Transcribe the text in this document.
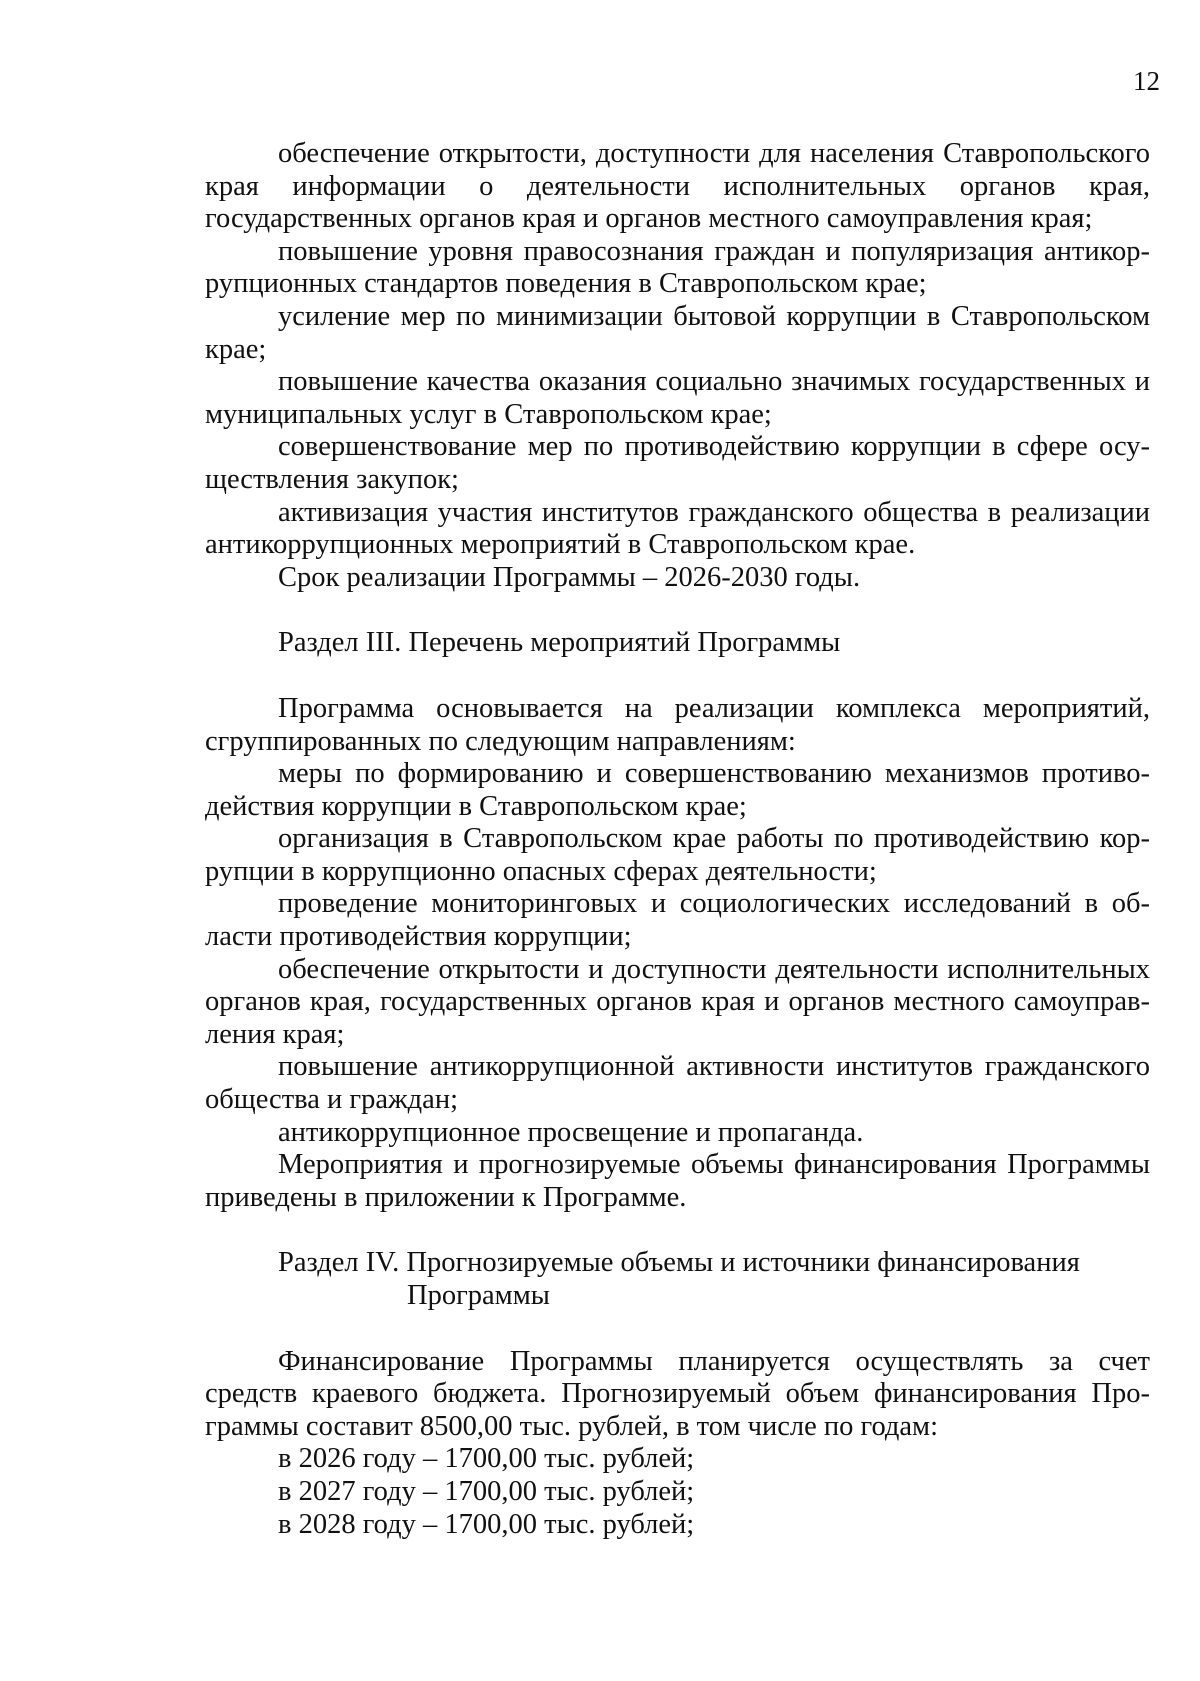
12

обеспечение открытости, доступности для населения Ставропольского края информации о деятельности исполнительных органов края, государственных органов края и органов местного самоуправления края;

повышение уровня правосознания граждан и популяризация антикоррупционных стандартов поведения в Ставропольском крае;

усиление мер по минимизации бытовой коррупции в Ставропольском крае;

повышение качества оказания социально значимых государственных и муниципальных услуг в Ставропольском крае;

совершенствование мер по противодействию коррупции в сфере осуществления закупок;

активизация участия институтов гражданского общества в реализации антикоррупционных мероприятий в Ставропольском крае.

Срок реализации Программы – 2026-2030 годы.

Раздел III. Перечень мероприятий Программы

Программа основывается на реализации комплекса мероприятий, сгруппированных по следующим направлениям:

меры по формированию и совершенствованию механизмов противодействия коррупции в Ставропольском крае;

организация в Ставропольском крае работы по противодействию коррупции в коррупционно опасных сферах деятельности;

проведение мониторинговых и социологических исследований в области противодействия коррупции;

обеспечение открытости и доступности деятельности исполнительных органов края, государственных органов края и органов местного самоуправления края;

повышение антикоррупционной активности институтов гражданского общества и граждан;

антикоррупционное просвещение и пропаганда.

Мероприятия и прогнозируемые объемы финансирования Программы приведены в приложении к Программе.

Раздел IV. Прогнозируемые объемы и источники финансирования

Программы

Финансирование Программы планируется осуществлять за счет средств краевого бюджета. Прогнозируемый объем финансирования Программы составит 8500,00 тыс. рублей, в том числе по годам:

в 2026 году – 1700,00 тыс. рублей;

в 2027 году – 1700,00 тыс. рублей;

в 2028 году – 1700,00 тыс. рублей;
